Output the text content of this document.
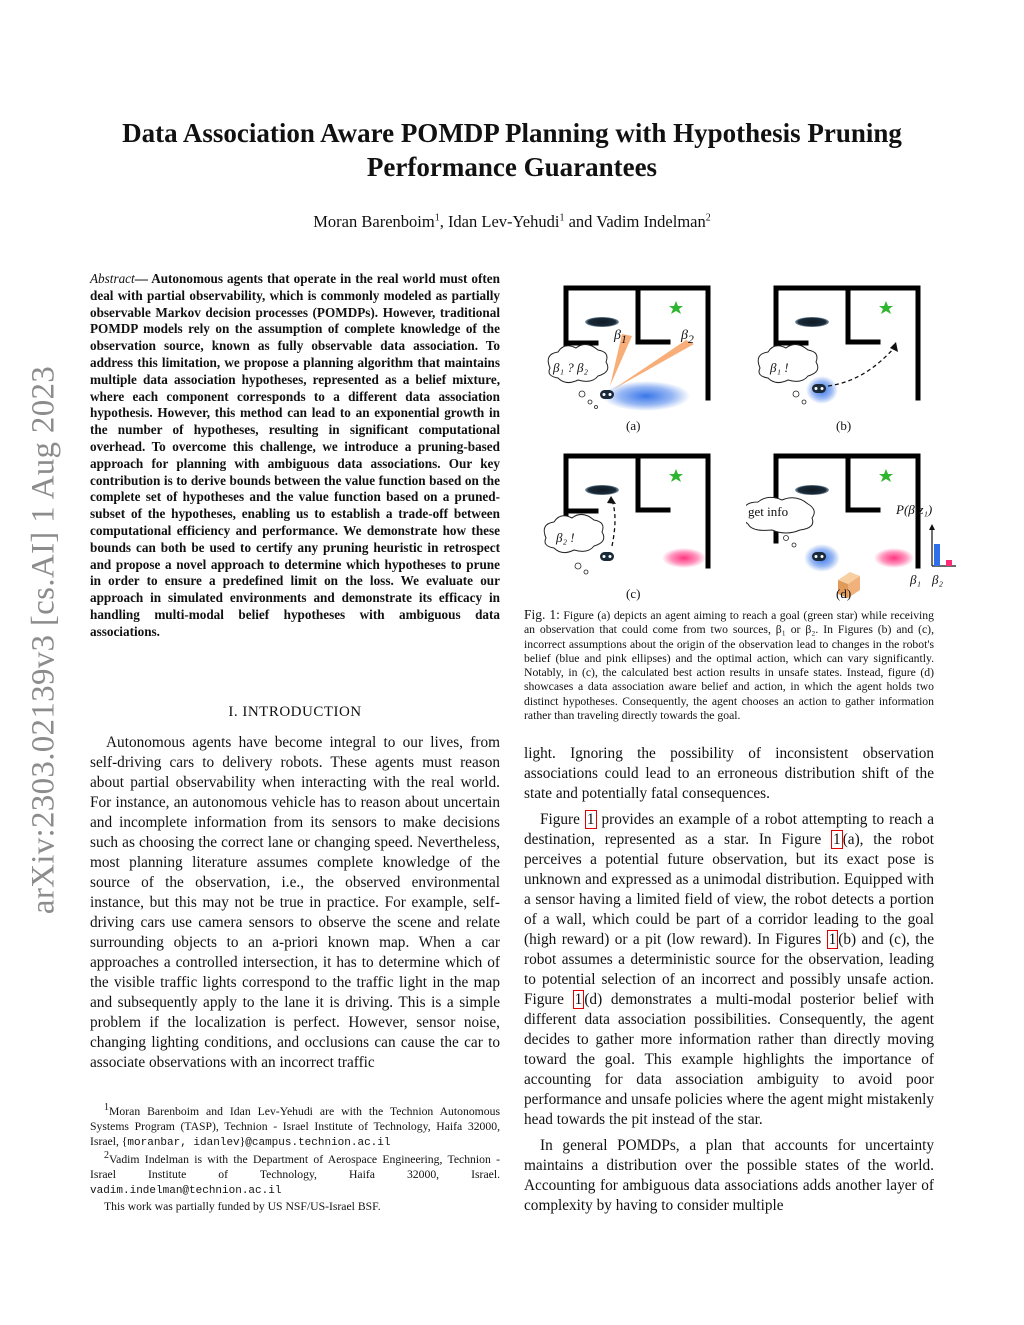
arXiv:2303.02139v3 [cs.AI] 1 Aug 2023
Data Association Aware POMDP Planning with Hypothesis Pruning
Performance Guarantees
Moran Barenboim$^1$, Idan Lev-Yehudi$^1$ and Vadim Indelman$^2$
Abstract— Autonomous agents that operate in the real world must often deal with partial observability, which is commonly modeled as partially observable Markov decision processes (POMDPs). However, traditional POMDP models rely on the assumption of complete knowledge of the observation source, known as fully observable data association. To address this limitation, we propose a planning algorithm that maintains multiple data association hypotheses, represented as a belief mixture, where each component corresponds to a different data association hypothesis. However, this method can lead to an exponential growth in the number of hypotheses, resulting in significant computational overhead. To overcome this challenge, we introduce a pruning-based approach for planning with ambiguous data associations. Our key contribution is to derive bounds between the value function based on the complete set of hypotheses and the value function based on a pruned-subset of the hypotheses, enabling us to establish a trade-off between computational efficiency and performance. We demonstrate how these bounds can both be used to certify any pruning heuristic in retrospect and propose a novel approach to determine which hypotheses to prune in order to ensure a predefined limit on the loss. We evaluate our approach in simulated environments and demonstrate its efficacy in handling multi-modal belief hypotheses with ambiguous data associations.
I. INTRODUCTION
Autonomous agents have become integral to our lives, from self-driving cars to delivery robots. These agents must reason about partial observability when interacting with the real world. For instance, an autonomous vehicle has to reason about uncertain and incomplete information from its sensors to make decisions such as choosing the correct lane or changing speed. Nevertheless, most planning literature assumes complete knowledge of the source of the observation, i.e., the observed environmental instance, but this may not be true in practice. For example, self-driving cars use camera sensors to observe the scene and relate surrounding objects to an a-priori known map. When a car approaches a controlled intersection, it has to determine which of the visible traffic lights correspond to the traffic light in the map and subsequently apply to the lane it is driving. This is a simple problem if the localization is perfect. However, sensor noise, changing lighting conditions, and occlusions can cause the car to associate observations with an incorrect traffic

$^1$Moran Barenboim and Idan Lev-Yehudi are with the Technion Autonomous Systems Program (TASP), Technion - Israel Institute of Technology, Haifa 32000, Israel, {moranbar, idanlev}@campus.technion.ac.il

$^2$Vadim Indelman is with the Department of Aerospace Engineering, Technion - Israel Institute of Technology, Haifa 32000, Israel. vadim.indelman@technion.ac.il

This work was partially funded by US NSF/US-Israel BSF.

$\beta_1$	$\beta_2$
β₁ ? β₂
(a)
β₁ !
(b)
β₂ !
(c)
get info	P(β|z₁)
β₁ β₂
(d)
Fig. 1: Figure (a) depicts an agent aiming to reach a goal (green star) while receiving an observation that could come from two sources, β₁ or β₂. In Figures (b) and (c), incorrect assumptions about the origin of the observation lead to changes in the robot's belief (blue and pink ellipses) and the optimal action, which can vary significantly. Notably, in (c), the calculated best action results in unsafe states. Instead, figure (d) showcases a data association aware belief and action, in which the agent holds two distinct hypotheses. Consequently, the agent chooses an action to gather information rather than traveling directly towards the goal.

light. Ignoring the possibility of inconsistent observation associations could lead to an erroneous distribution shift of the state and potentially fatal consequences.

Figure 1 provides an example of a robot attempting to reach a destination, represented as a star. In Figure 1 (a), the robot perceives a potential future observation, but its exact pose is unknown and expressed as a unimodal distribution. Equipped with a sensor having a limited field of view, the robot detects a portion of a wall, which could be part of a corridor leading to the goal (high reward) or a pit (low reward). In Figures 1 (b) and (c), the robot assumes a deterministic source for the observation, leading to potential selection of an incorrect and possibly unsafe action. Figure 1 (d) demonstrates a multi-modal posterior belief with different data association possibilities. Consequently, the agent decides to gather more information rather than directly moving toward the goal. This example highlights the importance of accounting for data association ambiguity to avoid poor performance and unsafe policies where the agent might mistakenly head towards the pit instead of the star.

In general POMDPs, a plan that accounts for uncertainty maintains a distribution over the possible states of the world. Accounting for ambiguous data associations adds another layer of complexity by having to consider multiple
